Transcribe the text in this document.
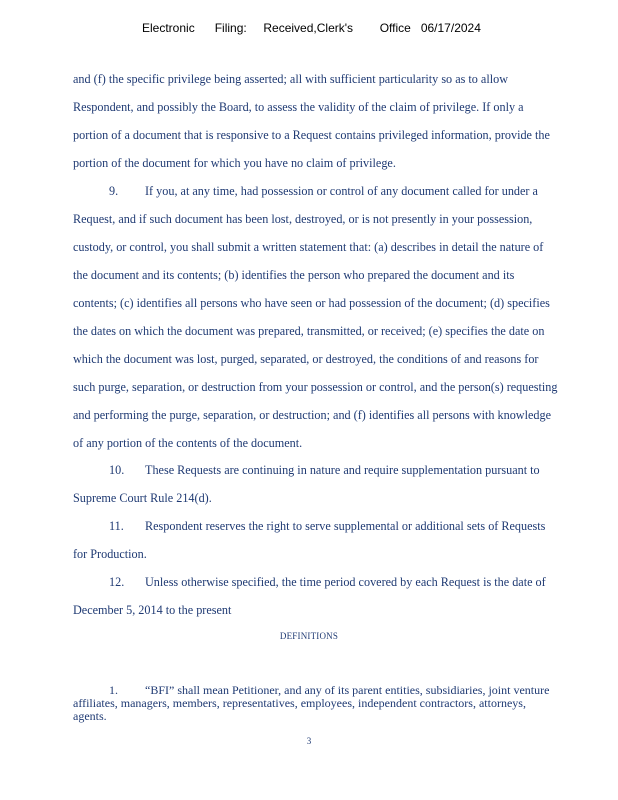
Electronic      Filing:     Received,Clerk's        Office   06/17/2024
and (f) the specific privilege being asserted; all with sufficient particularity so as to allow
Respondent, and possibly the Board, to assess the validity of the claim of privilege. If only a
portion of a document that is responsive to a Request contains privileged information, provide the
portion of the document for which you have no claim of privilege.
9. If you, at any time, had possession or control of any document called for under a
Request, and if such document has been lost, destroyed, or is not presently in your possession,
custody, or control, you shall submit a written statement that: (a) describes in detail the nature of
the document and its contents; (b) identifies the person who prepared the document and its
contents; (c) identifies all persons who have seen or had possession of the document; (d) specifies
the dates on which the document was prepared, transmitted, or received; (e) specifies the date on
which the document was lost, purged, separated, or destroyed, the conditions of and reasons for
such purge, separation, or destruction from your possession or control, and the person(s) requesting
and performing the purge, separation, or destruction; and (f) identifies all persons with knowledge
of any portion of the contents of the document.
10. These Requests are continuing in nature and require supplementation pursuant to
Supreme Court Rule 214(d).
11. Respondent reserves the right to serve supplemental or additional sets of Requests
for Production.
12. Unless otherwise specified, the time period covered by each Request is the date of
December 5, 2014 to the present
DEFINITIONS
1. “BFI” shall mean Petitioner, and any of its parent entities, subsidiaries, joint venture
affiliates, managers, members, representatives, employees, independent contractors, attorneys,
agents.
3
